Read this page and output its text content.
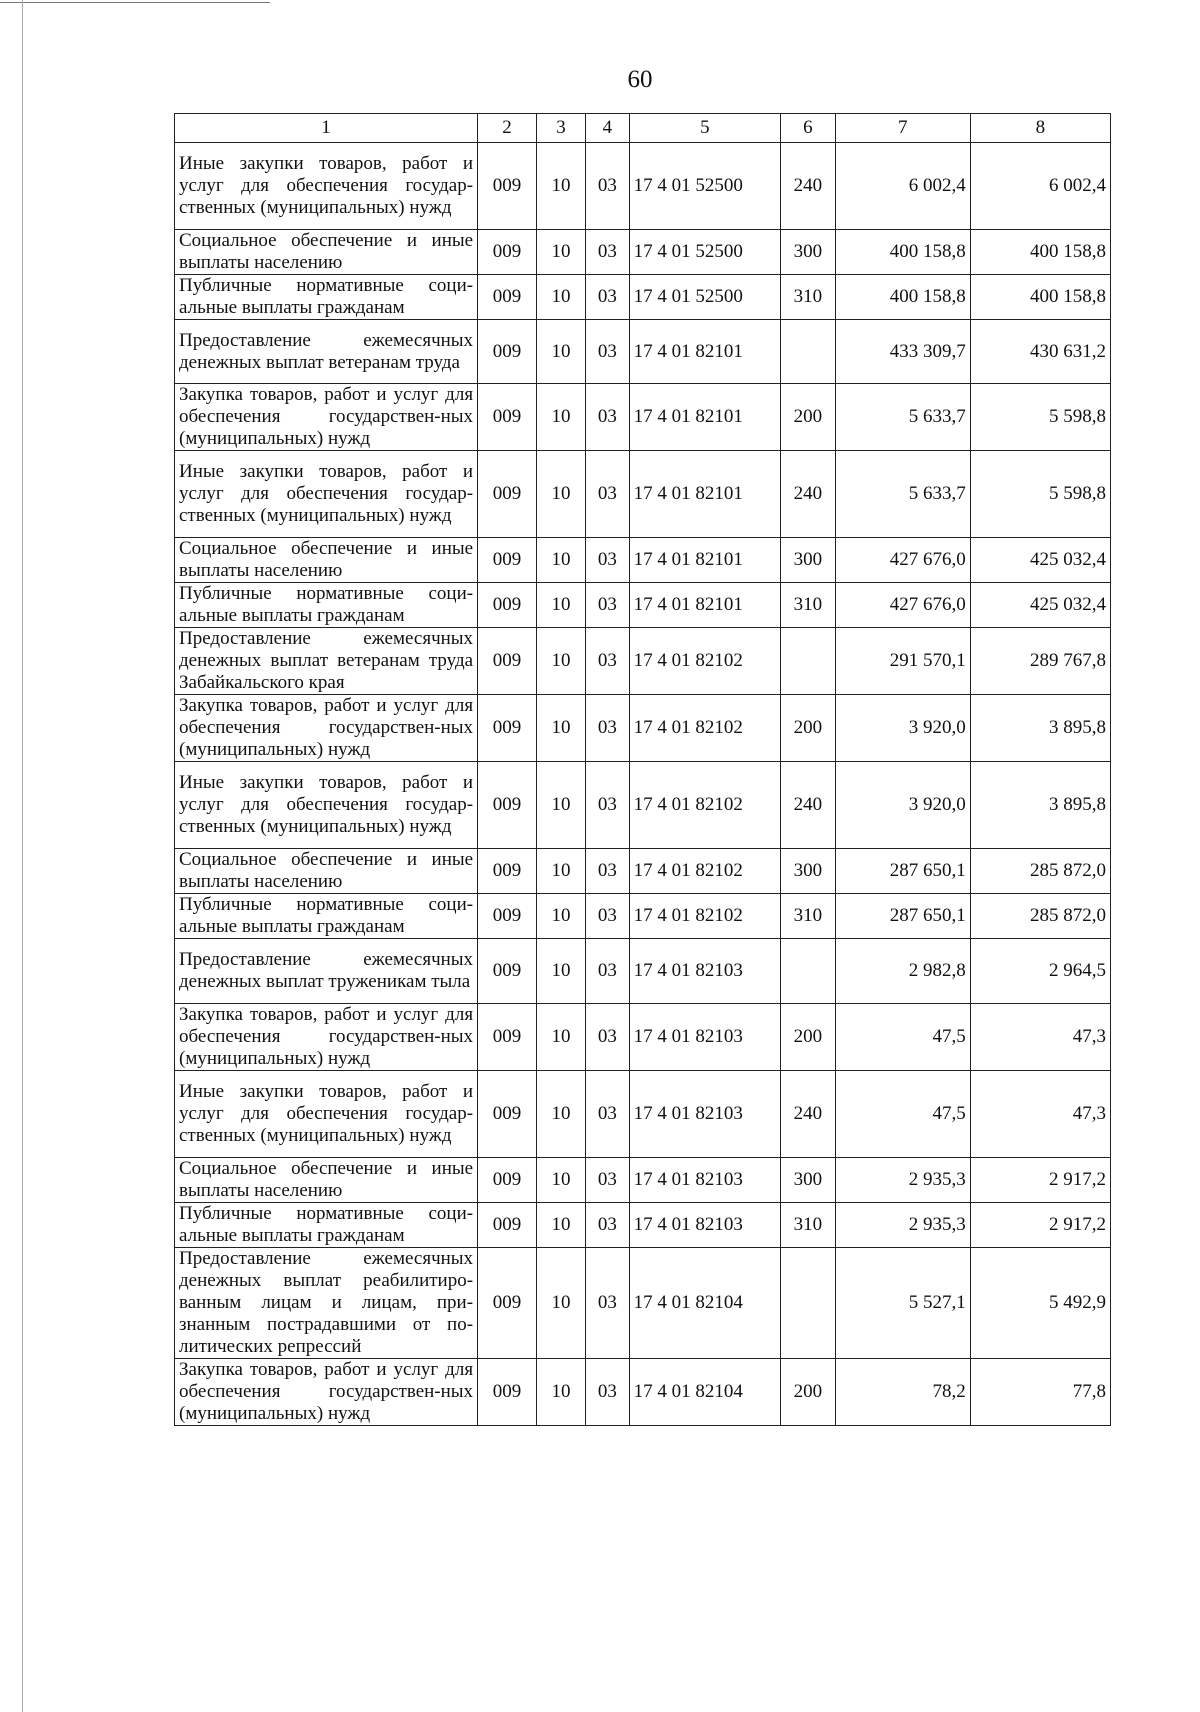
60
1	2	3	4	5	6	7	8
Иные закупки товаров, работ и услуг для обеспечения государ-ственных (муниципальных) нужд	009	10	03	17 4 01 52500	240	6 002,4	6 002,4
Социальное обеспечение и иные выплаты населению	009	10	03	17 4 01 52500	300	400 158,8	400 158,8
Публичные нормативные соци-альные выплаты гражданам	009	10	03	17 4 01 52500	310	400 158,8	400 158,8
Предоставление ежемесячных денежных выплат ветеранам труда	009	10	03	17 4 01 82101		433 309,7	430 631,2
Закупка товаров, работ и услуг для обеспечения государствен-ных (муниципальных) нужд	009	10	03	17 4 01 82101	200	5 633,7	5 598,8
Иные закупки товаров, работ и услуг для обеспечения государ-ственных (муниципальных) нужд	009	10	03	17 4 01 82101	240	5 633,7	5 598,8
Социальное обеспечение и иные выплаты населению	009	10	03	17 4 01 82101	300	427 676,0	425 032,4
Публичные нормативные соци-альные выплаты гражданам	009	10	03	17 4 01 82101	310	427 676,0	425 032,4
Предоставление ежемесячных денежных выплат ветеранам труда Забайкальского края	009	10	03	17 4 01 82102		291 570,1	289 767,8
Закупка товаров, работ и услуг для обеспечения государствен-ных (муниципальных) нужд	009	10	03	17 4 01 82102	200	3 920,0	3 895,8
Иные закупки товаров, работ и услуг для обеспечения государ-ственных (муниципальных) нужд	009	10	03	17 4 01 82102	240	3 920,0	3 895,8
Социальное обеспечение и иные выплаты населению	009	10	03	17 4 01 82102	300	287 650,1	285 872,0
Публичные нормативные соци-альные выплаты гражданам	009	10	03	17 4 01 82102	310	287 650,1	285 872,0
Предоставление ежемесячных денежных выплат труженикам тыла	009	10	03	17 4 01 82103		2 982,8	2 964,5
Закупка товаров, работ и услуг для обеспечения государствен-ных (муниципальных) нужд	009	10	03	17 4 01 82103	200	47,5	47,3
Иные закупки товаров, работ и услуг для обеспечения государ-ственных (муниципальных) нужд	009	10	03	17 4 01 82103	240	47,5	47,3
Социальное обеспечение и иные выплаты населению	009	10	03	17 4 01 82103	300	2 935,3	2 917,2
Публичные нормативные соци-альные выплаты гражданам	009	10	03	17 4 01 82103	310	2 935,3	2 917,2
Предоставление ежемесячных денежных выплат реабилитиро-ванным лицам и лицам, при-знанным пострадавшими от по-литических репрессий	009	10	03	17 4 01 82104		5 527,1	5 492,9
Закупка товаров, работ и услуг для обеспечения государствен-ных (муниципальных) нужд	009	10	03	17 4 01 82104	200	78,2	77,8
